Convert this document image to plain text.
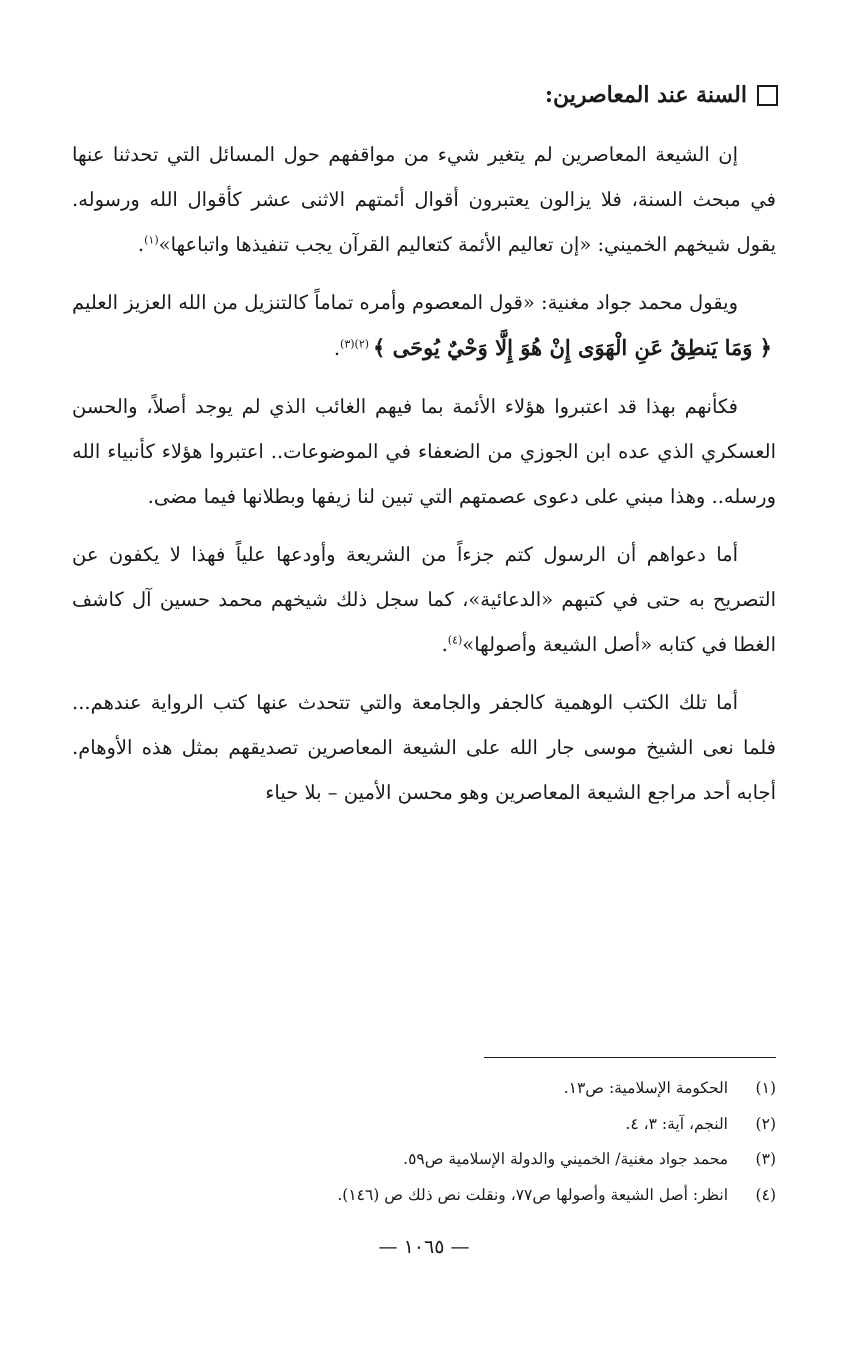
السنة عند المعاصرين:

إن الشيعة المعاصرين لم يتغير شيء من مواقفهم حول المسائل التي تحدثنا عنها في مبحث السنة، فلا يزالون يعتبرون أقوال أئمتهم الاثنى عشر كأقوال الله ورسوله. يقول شيخهم الخميني: «إن تعاليم الأئمة كتعاليم القرآن يجب تنفيذها واتباعها»$^{(١)}$.

ويقول محمد جواد مغنية: «قول المعصوم وأمره تماماً كالتنزيل من الله العزيز العليم ﴿ وَمَا يَنطِقُ عَنِ الْهَوَى إِنْ هُوَ إِلَّا وَحْيٌ يُوحَى ﴾$^{(٢)(٣)}$.

فكأنهم بهذا قد اعتبروا هؤلاء الأئمة بما فيهم الغائب الذي لم يوجد أصلاً، والحسن العسكري الذي عده ابن الجوزي من الضعفاء في الموضوعات.. اعتبروا هؤلاء كأنبياء الله ورسله.. وهذا مبني على دعوى عصمتهم التي تبين لنا زيفها وبطلانها فيما مضى.

أما دعواهم أن الرسول كتم جزءاً من الشريعة وأودعها علياً فهذا لا يكفون عن التصريح به حتى في كتبهم «الدعائية»، كما سجل ذلك شيخهم محمد حسين آل كاشف الغطا في كتابه «أصل الشيعة وأصولها»$^{(٤)}$.

أما تلك الكتب الوهمية كالجفر والجامعة والتي تتحدث عنها كتب الرواية عندهم... فلما نعى الشيخ موسى جار الله على الشيعة المعاصرين تصديقهم بمثل هذه الأوهام. أجابه أحد مراجع الشيعة المعاصرين وهو محسن الأمين – بلا حياء

(١)
الحكومة الإسلامية: ص١٣.
(٢)
النجم، آية: ٣، ٤.
(٣)
محمد جواد مغنية/ الخميني والدولة الإسلامية ص٥٩.
(٤)
انظر: أصل الشيعة وأصولها ص٧٧، ونقلت نص ذلك ص (١٤٦).
— ١٠٦٥ —
